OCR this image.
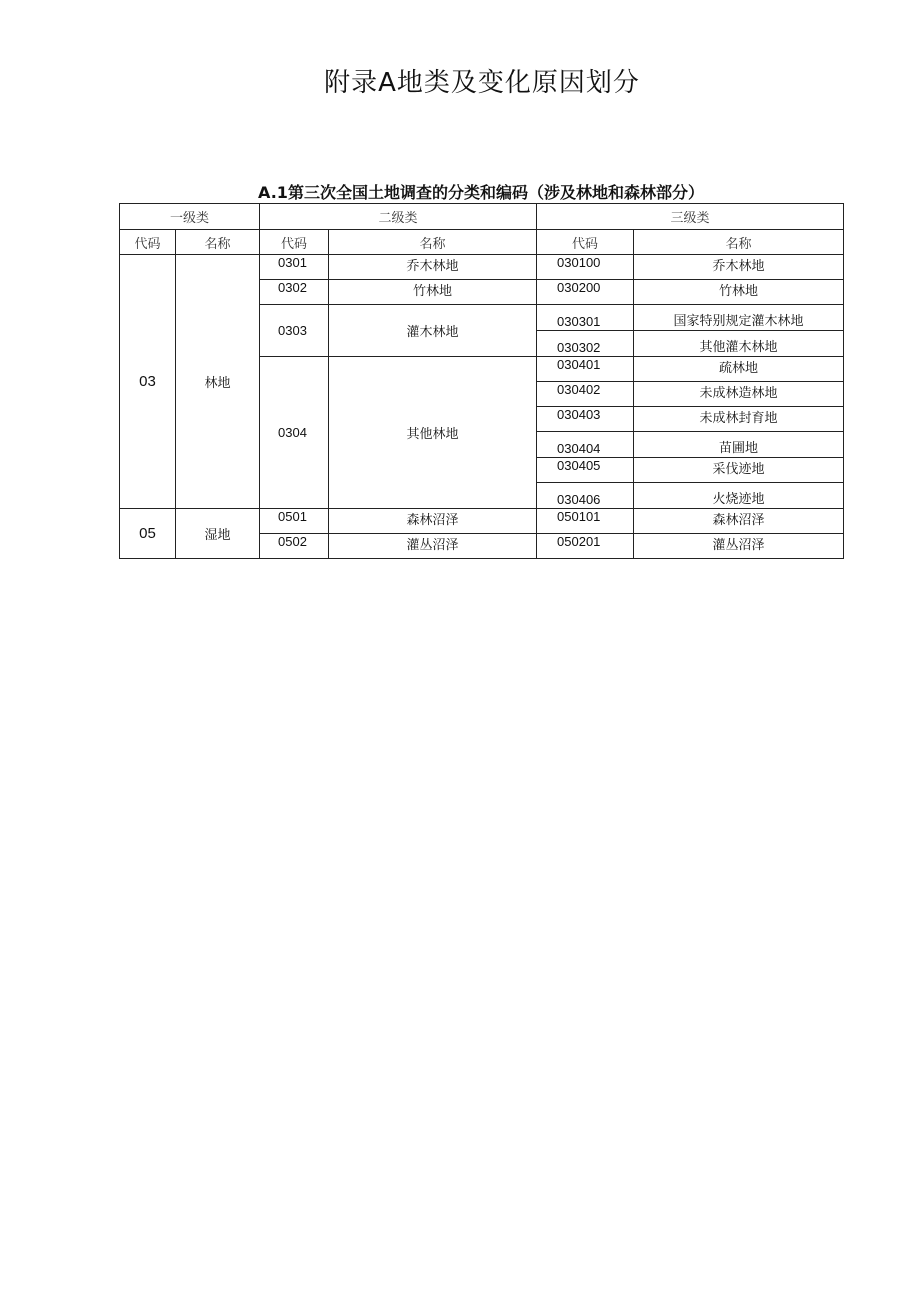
附录A地类及变化原因划分
A.1第三次全国土地调查的分类和编码（涉及林地和森林部分）
一级类		二级类		三级类	
代码	名称	代码	名称	代码	名称
03	林地	0301	乔木林地	030100	乔木林地
		0302	竹林地	030200	竹林地
		0303	灌木林地	030301	国家特别规定灌木林地
				030302	其他灌木林地
		0304	其他林地	030401	疏林地
				030402	未成林造林地
				030403	未成林封育地
				030404	苗圃地
				030405	采伐迹地
				030406	火烧迹地
05	湿地	0501	森林沼泽	050101	森林沼泽
		0502	灌丛沼泽	050201	灌丛沼泽
